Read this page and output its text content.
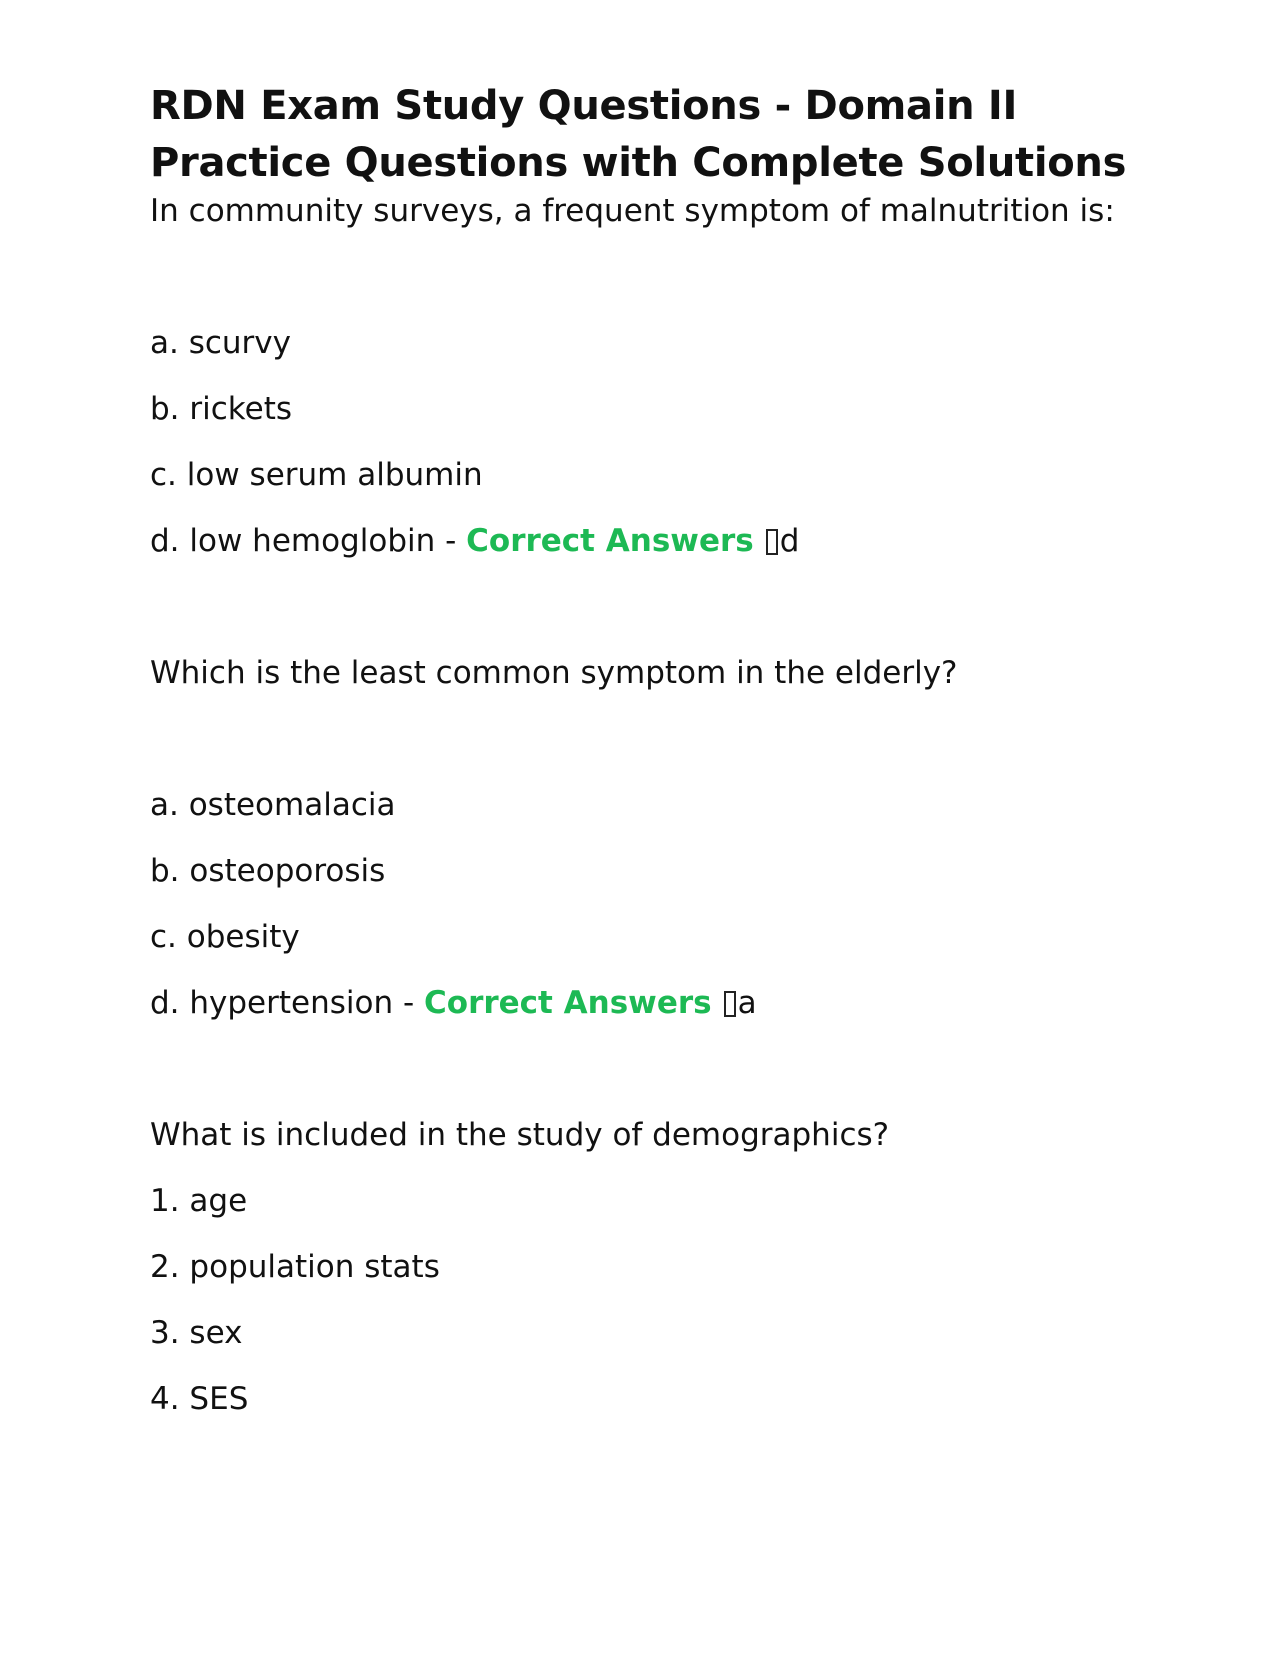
RDN Exam Study Questions - Domain II
Practice Questions with Complete Solutions
In community surveys, a frequent symptom of malnutrition is:
a. scurvy
b. rickets
c. low serum albumin
d. low hemoglobin - Correct Answers d
Which is the least common symptom in the elderly?
a. osteomalacia
b. osteoporosis
c. obesity
d. hypertension - Correct Answers a
What is included in the study of demographics?
1. age
2. population stats
3. sex
4. SES
